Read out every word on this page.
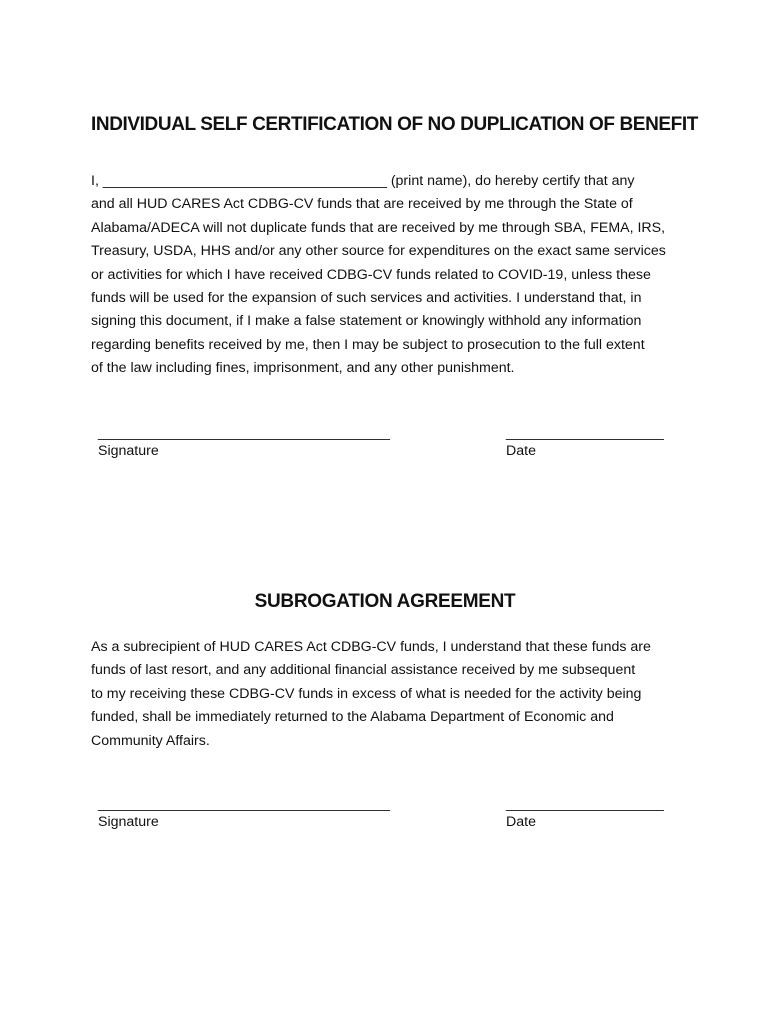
INDIVIDUAL SELF CERTIFICATION OF NO DUPLICATION OF BENEFIT
I, ____________________________________ (print name), do hereby certify that any
and all HUD CARES Act CDBG-CV funds that are received by me through the State of
Alabama/ADECA will not duplicate funds that are received by me through SBA, FEMA, IRS,
Treasury, USDA, HHS and/or any other source for expenditures on the exact same services
or activities for which I have received CDBG-CV funds related to COVID-19, unless these
funds will be used for the expansion of such services and activities. I understand that, in
signing this document, if I make a false statement or knowingly withhold any information
regarding benefits received by me, then I may be subject to prosecution to the full extent
of the law including fines, imprisonment, and any other punishment.
_____________________________________
Signature
____________________
Date
SUBROGATION AGREEMENT
As a subrecipient of HUD CARES Act CDBG-CV funds, I understand that these funds are
funds of last resort, and any additional financial assistance received by me subsequent
to my receiving these CDBG-CV funds in excess of what is needed for the activity being
funded, shall be immediately returned to the Alabama Department of Economic and
Community Affairs.
_____________________________________
Signature
____________________
Date
